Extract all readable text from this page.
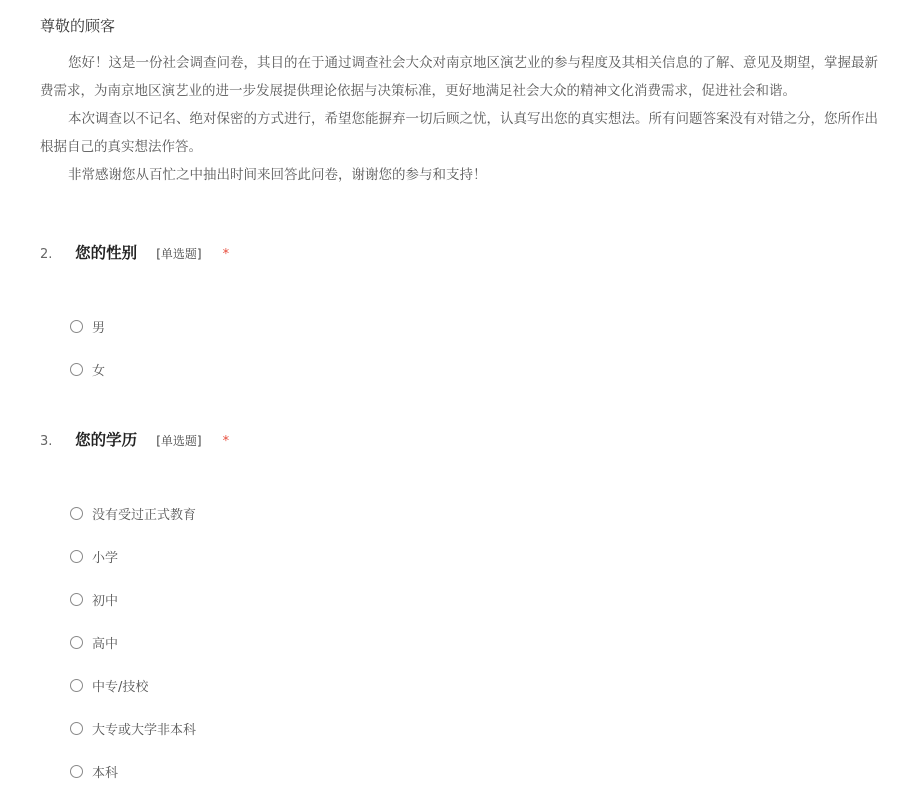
尊敬的顾客
您好！这是一份社会调查问卷，其目的在于通过调查社会大众对南京地区演艺业的参与程度及其相关信息的了解、意见及期望，掌握最新
费需求，为南京地区演艺业的进一步发展提供理论依据与决策标准，更好地满足社会大众的精神文化消费需求，促进社会和谐。
本次调查以不记名、绝对保密的方式进行，希望您能摒弃一切后顾之忧，认真写出您的真实想法。所有问题答案没有对错之分，您所作出
根据自己的真实想法作答。
非常感谢您从百忙之中抽出时间来回答此问卷，谢谢您的参与和支持！
2. 您的性别 [单选题] *
男
女
3. 您的学历 [单选题] *
没有受过正式教育
小学
初中
高中
中专/技校
大专或大学非本科
本科
